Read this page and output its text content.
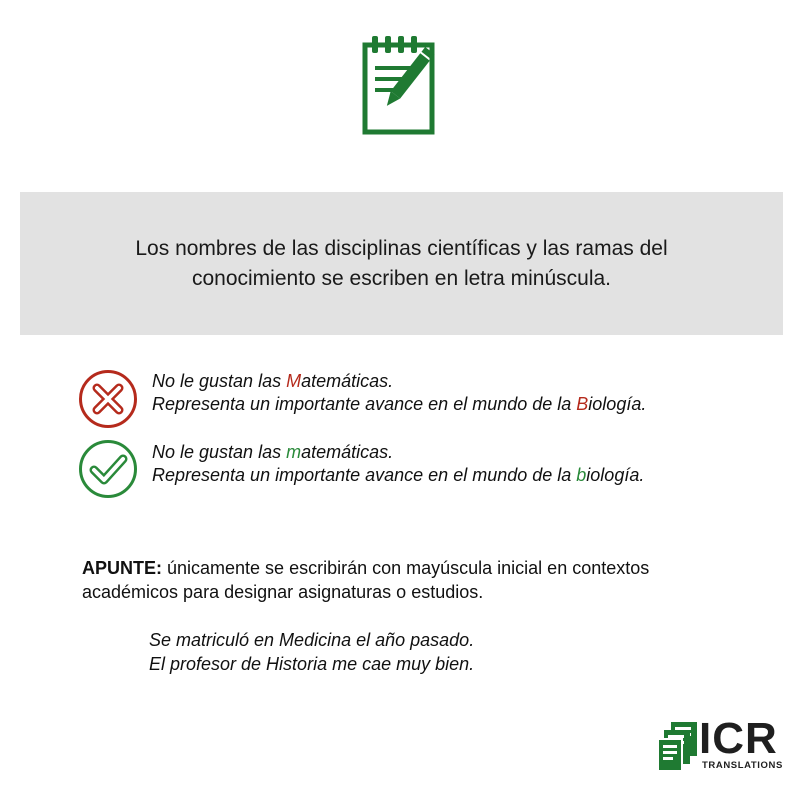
Los nombres de las disciplinas científicas y las ramas del conocimiento se escriben en letra minúscula.
No le gustan las Matemáticas.
Representa un importante avance en el mundo de la Biología.
No le gustan las matemáticas.
Representa un importante avance en el mundo de la biología.
APUNTE: únicamente se escribirán con mayúscula inicial en contextos académicos para designar asignaturas o estudios.
Se matriculó en Medicina el año pasado.
El profesor de Historia me cae muy bien.
ICR
TRANSLATIONS
